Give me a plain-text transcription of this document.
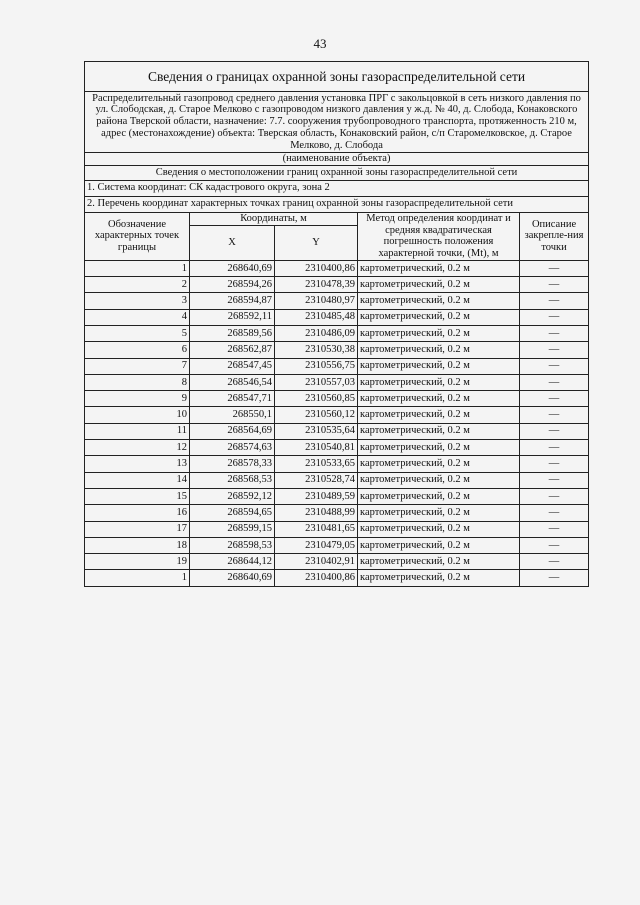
43
Сведения о границах охранной зоны газораспределительной сети				
Распределительный газопровод среднего давления установка ПРГ с закольцовкой в сеть низкого давления по ул. Слободская, д. Старое Мелково с газопроводом низкого давления у ж.д. № 40, д. Слобода, Конаковского района Тверской области, назначение: 7.7. сооружения трубопроводного транспорта, протяженность 210 м, адрес (местонахождение) объекта: Тверская область, Конаковский район, с/п Старомелковское, д. Старое Мелково, д. Слобода				
(наименование объекта)				
Сведения о местоположении границ охранной зоны газораспределительной сети				
1. Система координат: СК кадастрового округа, зона 2				
2. Перечень координат характерных точках границ охранной зоны газораспределительной сети				
Обозначение характерных точек границы	Координаты, м		Метод определения координат и средняя квадратическая погрешность положения характерной точки, (Мt), м	Описание закрепле-ния точки
	X	Y		
1	268640,69	2310400,86	картометрический, 0.2 м	—
2	268594,26	2310478,39	картометрический, 0.2 м	—
3	268594,87	2310480,97	картометрический, 0.2 м	—
4	268592,11	2310485,48	картометрический, 0.2 м	—
5	268589,56	2310486,09	картометрический, 0.2 м	—
6	268562,87	2310530,38	картометрический, 0.2 м	—
7	268547,45	2310556,75	картометрический, 0.2 м	—
8	268546,54	2310557,03	картометрический, 0.2 м	—
9	268547,71	2310560,85	картометрический, 0.2 м	—
10	268550,1	2310560,12	картометрический, 0.2 м	—
11	268564,69	2310535,64	картометрический, 0.2 м	—
12	268574,63	2310540,81	картометрический, 0.2 м	—
13	268578,33	2310533,65	картометрический, 0.2 м	—
14	268568,53	2310528,74	картометрический, 0.2 м	—
15	268592,12	2310489,59	картометрический, 0.2 м	—
16	268594,65	2310488,99	картометрический, 0.2 м	—
17	268599,15	2310481,65	картометрический, 0.2 м	—
18	268598,53	2310479,05	картометрический, 0.2 м	—
19	268644,12	2310402,91	картометрический, 0.2 м	—
1	268640,69	2310400,86	картометрический, 0.2 м	—
